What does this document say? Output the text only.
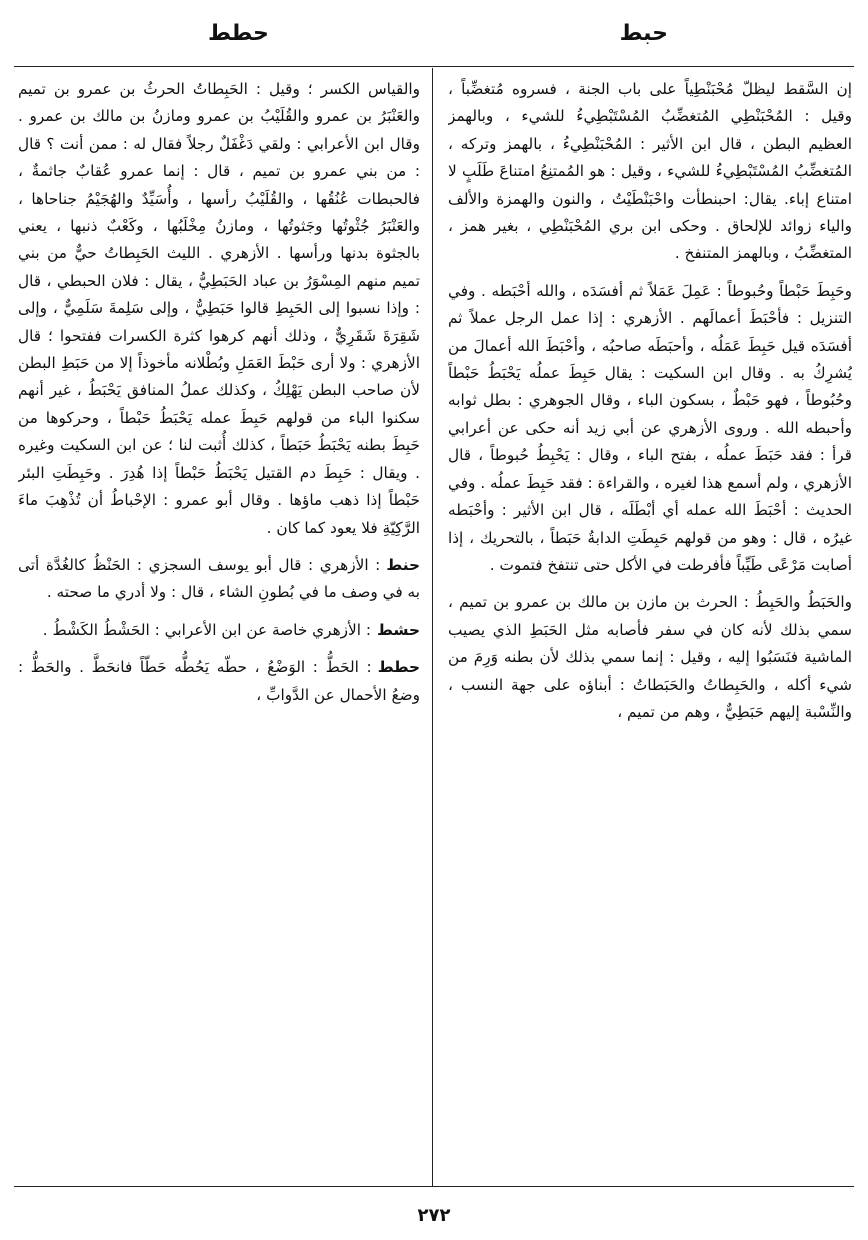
حبط
حطط

إن السَّقط ليظلّ مُحْبَنْطِياً على باب الجنة ، فسروه مُتغضِّباً ، وقيل : المُحْبَنْطِي المُتغضِّبُ المُسْتَبْطِيءُ للشيء ، وبالهمز العظيم البطن ، قال ابن الأثير : المُحْبَنْطِيءُ ، بالهمز وتركه ، المُتغضِّبُ المُسْتَبْطِيءُ للشيء ، وقيل : هو المُمتنِعُ امتناعَ طَلَبٍ لا امتناع إباء. يقال: احبنطأت واحْبَنْطَيْتُ ، والنون والهمزة والألف والياء زوائد للإلحاق . وحكى ابن بري المُحْبَنْطِي ، بغير همز ، المتغضِّبُ ، وبالهمز المتنفخ .

وحَبِطَ حَبْطاً وحُبوطاً : عَمِلَ عَمَلاً ثم أفسَدَه ، والله أحْبَطه . وفي التنزيل : فأحْبَطَ أعمالَهم . الأزهري : إذا عمل الرجل عملاً ثم أفسَدَه قيل حَبِطَ عَمَلُه ، وأحبَطَه صاحبُه ، وأحْبَطَ الله أعمالَ من يُشرِكُ به . وقال ابن السكيت : يقال حَبِطَ عملُه يَحْبَطُ حَبْطاً وحُبُوطاً ، فهو حَبْطٌ ، بسكون الباء ، وقال الجوهري : بطل ثوابه وأحبطه الله . وروى الأزهري عن أبي زيد أنه حكى عن أعرابي قرأ : فقد حَبَطَ عملُه ، بفتح الباء ، وقال : يَحْبِطُ حُبوطاً ، قال الأزهري ، ولم أسمع هذا لغيره ، والقراءة : فقد حَبِطَ عملُه . وفي الحديث : أحْبَطَ الله عمله أي أبْطَلَه ، قال ابن الأثير : وأحْبَطه غيرُه ، قال : وهو من قولهم حَبِطَتِ الدابةُ حَبَطاً ، بالتحريك ، إذا أصابت مَرْعًى طَيِّباً فأفرطت في الأكل حتى تنتفخ فتموت .

والحَبَطُ والحَبِطُ : الحرث بن مازن بن مالك بن عمرو بن تميم ، سمي بذلك لأنه كان في سفر فأصابه مثل الحَبَطِ الذي يصيب الماشية فنَسَبُوا إليه ، وقيل : إنما سمي بذلك لأن بطنه وَرِمَ من شيء أكله ، والحَبِطاتُ والحَبَطاتُ : أبناؤه على جهة النسب ، والنِّسْبة إليهم حَبَطِيٌّ ، وهم من تميم ،

والقياس الكسر ؛ وقيل : الحَبِطاتُ الحرثُ بن عمرو بن تميم والعَنْبَرُ بن عمرو والقُلَيْبُ بن عمرو ومازنُ بن مالك بن عمرو . وقال ابن الأعرابي : ولقي دَغْفَلٌ رجلاً فقال له : ممن أنت ؟ قال : من بني عمرو بن تميم ، قال : إنما عمرو عُقابٌ جاثمةٌ ، فالحبطات عُنُقُها ، والقُلَيْبُ رأسها ، وأُسَيِّدٌ والهُجَيْمُ جناحاها ، والعَنْبَرُ جُثْوتُها وجَثوتُها ، ومازنُ مِخْلَبُها ، وكَعْبٌ ذنبها ، يعني بالجثوة بدنها ورأسها . الأزهري . الليث الحَبِطاتُ حيٌّ من بني تميم منهم المِسْوَرُ بن عباد الحَبَطِيُّ ، يقال : فلان الحبطي ، قال : وإذا نسبوا إلى الحَبِطِ قالوا حَبَطِيٌّ ، وإلى سَلِمةَ سَلَمِيٌّ ، وإلى شَقِرَةَ شَقَرِيٌّ ، وذلك أنهم كرهوا كثرة الكسرات ففتحوا ؛ قال الأزهري : ولا أرى حَبْطَ العَمَلِ وبُطْلانه مأخوذاً إلا من حَبَطِ البطن لأن صاحب البطن يَهْلِكُ ، وكذلك عملُ المنافق يَحْبَطُ ، غير أنهم سكنوا الباء من قولهم حَبِطَ عمله يَحْبَطُ حَبْطاً ، وحركوها من حَبِطَ بطنه يَحْبَطُ حَبَطاً ، كذلك أُثبت لنا ؛ عن ابن السكيت وغيره . ويقال : حَبِطَ دم القتيل يَحْبَطُ حَبْطاً إذا هُدِرَ . وحَبِطَتِ البئر حَبْطاً إذا ذهب ماؤها . وقال أبو عمرو : الإحْباطُ أن تُذْهِبَ ماءَ الرَّكِيّةِ فلا يعود كما كان .

حنط: الأزهري : قال أبو يوسف السجزي : الحَنْظُ كالغُدَّة أتى به في وصف ما في بُطونِ الشاء ، قال : ولا أدري ما صحته .

حشط: الأزهري خاصة عن ابن الأعرابي : الحَشْطُ الكَشْطُ .

حطط: الحَطُّ : الوَضْعُ ، حطّه يَحُطُّه حَطّاً فانحَطَّ . والحَطُّ : وضعُ الأحمال عن الدَّوابِّ ،

٢٧٢
